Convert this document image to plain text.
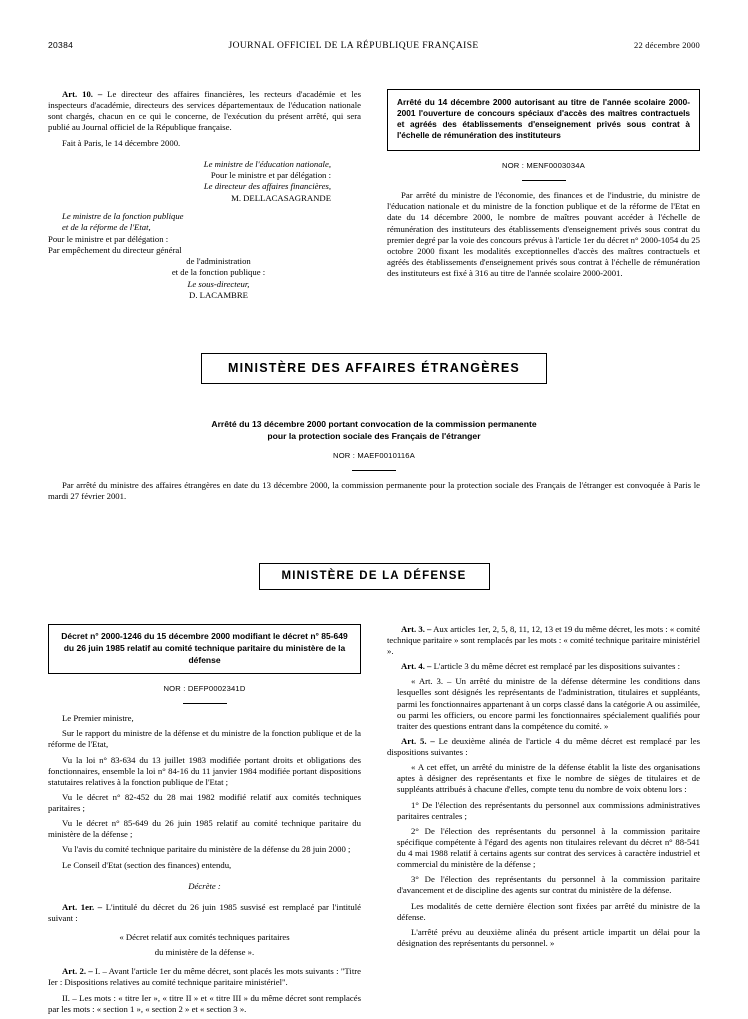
20384	JOURNAL OFFICIEL DE LA RÉPUBLIQUE FRANÇAISE	22 décembre 2000

Art. 10. – Le directeur des affaires financières, les recteurs d'académie et les inspecteurs d'académie, directeurs des services départementaux de l'éducation nationale sont chargés, chacun en ce qui le concerne, de l'exécution du présent arrêté, qui sera publié au Journal officiel de la République française.

Fait à Paris, le 14 décembre 2000.

Le ministre de l'éducation nationale,

Pour le ministre et par délégation :

Le directeur des affaires financières,

M. DELLACASAGRANDE

Le ministre de la fonction publique

et de la réforme de l'Etat,

Pour le ministre et par délégation :

Par empêchement du directeur général

de l'administration

et de la fonction publique :

Le sous-directeur,

D. LACAMBRE

Arrêté du 14 décembre 2000 autorisant au titre de l'année scolaire 2000-2001 l'ouverture de concours spéciaux d'accès des maîtres contractuels et agréés des établissements d'enseignement privés sous contrat à l'échelle de rémunération des instituteurs

NOR : MENF0003034A

Par arrêté du ministre de l'économie, des finances et de l'industrie, du ministre de l'éducation nationale et du ministre de la fonction publique et de la réforme de l'Etat en date du 14 décembre 2000, le nombre de maîtres pouvant accéder à l'échelle de rémunération des instituteurs des établissements d'enseignement privés sous contrat du premier degré par la voie des concours prévus à l'article 1er du décret n° 2000-1054 du 25 octobre 2000 fixant les modalités exceptionnelles d'accès des maîtres contractuels et agréés des établissements d'enseignement privés sous contrat à l'échelle de rémunération des instituteurs est fixé à 316 au titre de l'année scolaire 2000-2001.

MINISTÈRE DES AFFAIRES ÉTRANGÈRES

Arrêté du 13 décembre 2000 portant convocation de la commission permanente

pour la protection sociale des Français de l'étranger

NOR : MAEF0010116A

Par arrêté du ministre des affaires étrangères en date du 13 décembre 2000, la commission permanente pour la protection sociale des Français de l'étranger est convoquée à Paris le mardi 27 février 2001.

MINISTÈRE DE LA DÉFENSE

Décret n° 2000-1246 du 15 décembre 2000 modifiant le décret n° 85-649 du 26 juin 1985 relatif au comité technique paritaire du ministère de la défense

NOR : DEFP0002341D

Le Premier ministre,

Sur le rapport du ministre de la défense et du ministre de la fonction publique et de la réforme de l'Etat,

Vu la loi n° 83-634 du 13 juillet 1983 modifiée portant droits et obligations des fonctionnaires, ensemble la loi n° 84-16 du 11 janvier 1984 modifiée portant dispositions statutaires relatives à la fonction publique de l'Etat ;

Vu le décret n° 82-452 du 28 mai 1982 modifié relatif aux comités techniques paritaires ;

Vu le décret n° 85-649 du 26 juin 1985 relatif au comité technique paritaire du ministère de la défense ;

Vu l'avis du comité technique paritaire du ministère de la défense du 28 juin 2000 ;

Le Conseil d'Etat (section des finances) entendu,

Décrète :

Art. 1er. – L'intitulé du décret du 26 juin 1985 susvisé est remplacé par l'intitulé suivant :

« Décret relatif aux comités techniques paritaires

du ministère de la défense ».

Art. 2. – I. – Avant l'article 1er du même décret, sont placés les mots suivants : "Titre Ier : Dispositions relatives au comité technique paritaire ministériel".

II. – Les mots : « titre Ier », « titre II » et « titre III » du même décret sont remplacés par les mots : « section 1 », « section 2 » et « section 3 ».

Art. 3. – Aux articles 1er, 2, 5, 8, 11, 12, 13 et 19 du même décret, les mots : « comité technique paritaire » sont remplacés par les mots : « comité technique paritaire ministériel ».

Art. 4. – L'article 3 du même décret est remplacé par les dispositions suivantes :

« Art. 3. – Un arrêté du ministre de la défense détermine les conditions dans lesquelles sont désignés les représentants de l'administration, titulaires et suppléants, parmi les fonctionnaires appartenant à un corps classé dans la catégorie A ou assimilée, ou parmi les officiers, ou encore parmi les fonctionnaires spécialement qualifiés pour traiter des questions entrant dans la compétence du comité. »

Art. 5. – Le deuxième alinéa de l'article 4 du même décret est remplacé par les dispositions suivantes :

« A cet effet, un arrêté du ministre de la défense établit la liste des organisations aptes à désigner des représentants et fixe le nombre de sièges de titulaires et de suppléants attribués à chacune d'elles, compte tenu du nombre de voix obtenu lors :

1° De l'élection des représentants du personnel aux commissions administratives paritaires centrales ;

2° De l'élection des représentants du personnel à la commission paritaire spécifique compétente à l'égard des agents non titulaires relevant du décret n° 88-541 du 4 mai 1988 relatif à certains agents sur contrat des services à caractère industriel et commercial du ministère de la défense ;

3° De l'élection des représentants du personnel à la commission paritaire d'avancement et de discipline des agents sur contrat du ministère de la défense.

Les modalités de cette dernière élection sont fixées par arrêté du ministre de la défense.

L'arrêté prévu au deuxième alinéa du présent article impartit un délai pour la désignation des représentants du personnel. »
